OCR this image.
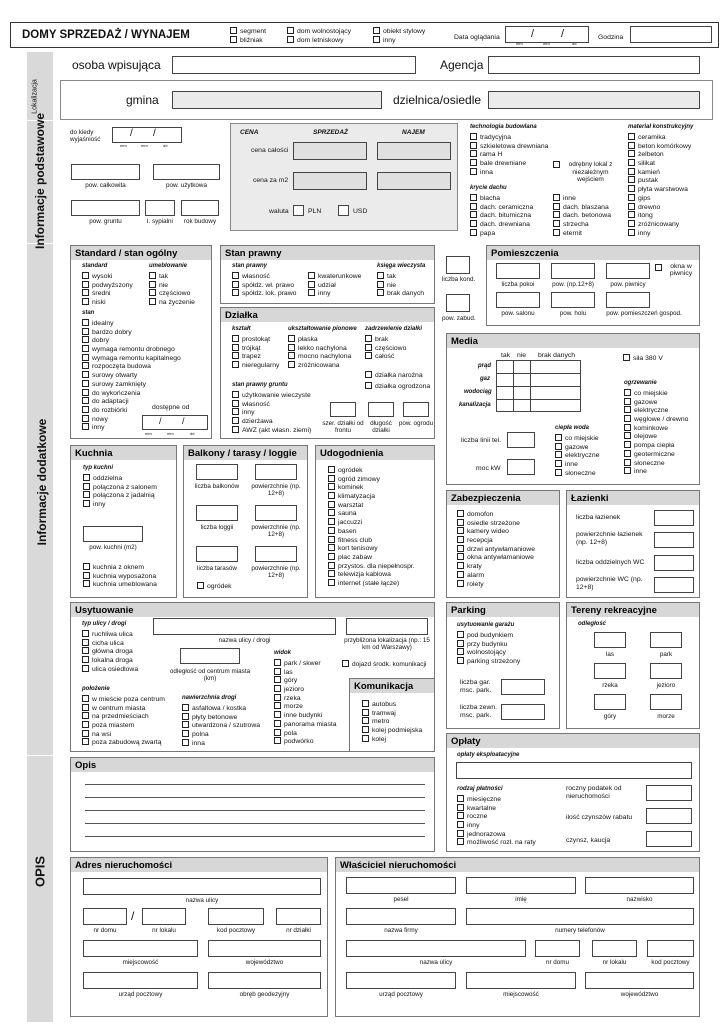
DOMY SPRZEDAŻ / WYNAJEM	segment
bliźniak
dom wolnostojący
dom letniskowy
obiekt stylowy
inny	Data oglądania	/ /
mm	mm	dd
Godzina
Lokalizacja
Informacje podstawowe
Informacje dodatkowe
OPIS
osoba wpisująca	Agencja
gmina	dzielnica/osiedle
do kiedy wyjaśniość
/ /
mm	mm	dd
pow. całkowita	pow. użytkowa
pow. gruntu	l. sypialni	rok budowy
CENA	SPRZEDAŻ	NAJEM
cena całości
cena za m2
waluta	PLN	USD
technologia budowlana
tradycyjna
szkieletowa drewniana
rama H
bale drewniane
inna
odrębny lokal z niezależnym wejściem
krycie dachu
blacha
dach. ceramiczna
dach. bitumiczna
dach. drewniana
papa
inne
dach. blaszana
dach. betonowa
strzecha
eternit
materiał konstrukcyjny
ceramika
beton komórkowy
żelbeton
silikat
kamień
pustak
płyta warstwowa
gips
drewno
itong
zróżnicowany
inny
Standard / stan ogólny
standard
wysoki
podwyższony
średni
niski
umeblowanie
tak
nie
częściowo
na życzenie
stan
idealny
bardzo dobry
dobry
wymaga remontu drobnego
wymaga remontu kapitalnego
rozpoczęta budowa
surowy otwarty
surowy zamknięty
do wykończenia
do adaptacji
do rozbiórki
nowy
inny
dostępne od
/ /
mm	mm	dd
Stan prawny
stan prawny
własność
spółdz. wł. prawo
spółdz. lok. prawo
kwaterunkowe
udział
inny
księga wieczysta
tak
nie
brak danych
Działka
kształt
prostokąt
trójkąt
trapez
nieregularny
ukształtowanie pionowe
płaska
lekko nachylona
mocno nachylona
zróżnicowana
zadrzewienie działki
brak
częściowo
całość
działka narożna
działka ogrodzona
stan prawny gruntu
użytkowanie wieczyste
własność
inny
dzierżawa
AWZ (akt własn. ziemi)
szer. działki od frontu
długość działki
pow. ogrodu
liczba kond.
pow. zabud.
Pomieszczenia
liczba pokoi	pow. (np.12+8)	pow. piwnicy
okna w piwnicy
pow. salonu	pow. holu	pow. pomieszczeń gospod.
Media
tak nie brak danych
prąd
gaz
wodociąg
kanalizacja
siła 380 V
liczba linii tel.
moc kW
ciepła woda
co miejskie
gazowe
elektryczne
inne
słoneczne
ogrzewanie
co miejskie
gazowe
elektryczne
węglowe / drewno
kominkowe
olejowe
pompa ciepła
geotermiczne
słoneczne
inne
Kuchnia
typ kuchni
oddzielna
połączona z salonem
połączona z jadalnią
inny
pow. kuchni (m2)
kuchnia z oknem
kuchnia wyposażona
kuchnia umeblowana
Balkony / tarasy / loggie
liczba balkonów	powierzchnie (np. 12+8)
liczba loggii	powierzchnie (np. 12+8)
liczba tarasów	powierzchnie (np. 12+8)
ogródek
Udogodnienia
ogródek
ogród zimowy
kominek
klimatyzacja
warsztat
sauna
jaccuzzi
basen
fitness club
kort tenisowy
plac zabaw
przystos. dla niepełnospr.
telewizja kablowa
internet (stałe łącze)
Zabezpieczenia
domofon
osiedle strzeżone
kamery wideo
recepcja
drzwi antywłamaniowe
okna antywłamaniowe
kraty
alarm
rolety
Łazienki
liczba łazienek
powierzchnie łazienek (np. 12+8)
liczba oddzielnych WC
powierzchnie WC (np. 12+8)
Usytuowanie
typ ulicy / drogi
ruchliwa ulica
cicha ulica
główna droga
lokalna droga
ulica osiedlowa
nazwa ulicy / drogi	przybliżona lokalizacja (np.: 15 km od Warszawy)
odległość od centrum miasta (km)
dojazd środk. komunikacji
widok
park / skwer
las
góry
jezioro
rzeka
morze
inne budynki
panorama miasta
pola
podwórko
położenie
w mieście poza centrum
w centrum miasta
na przedmieściach
poza miastem
na wsi
poza zabudową zwartą
nawierzchnia drogi
asfaltowa / kostka
płyty betonowe
utwardzona / szutrowa
polna
inna
Komunikacja
autobus
tramwaj
metro
kolej podmiejska
kolej
Parking
usytuowanie garażu
pod budynkiem
przy budynku
wolnostojący
parking strzeżony
liczba gar. msc. park.
liczba zewn. msc. park.
Tereny rekreacyjne
odległość
las	park
rzeka	jezioro
góry	morze
Opis
Opłaty
opłaty eksploatacyjne
rodzaj płatności
miesięczne
kwartalne
roczne
inny
jednorazowa
możliwość rozł. na raty
roczny podatek od nieruchomości
ilość czynszów rabatu
czynsz, kaucja
Adres nieruchomości
nazwa ulicy
nr domu
/
nr lokalu	kod pocztowy	nr działki
miejscowość	województwo
urząd pocztowy	obręb geodezyjny
Właściciel nieruchomości
pesel	imię	nazwisko
nazwa firmy	numery telefonów
nazwa ulicy	nr domu	nr lokalu	kod pocztowy
urząd pocztowy	miejscowość	województwo
